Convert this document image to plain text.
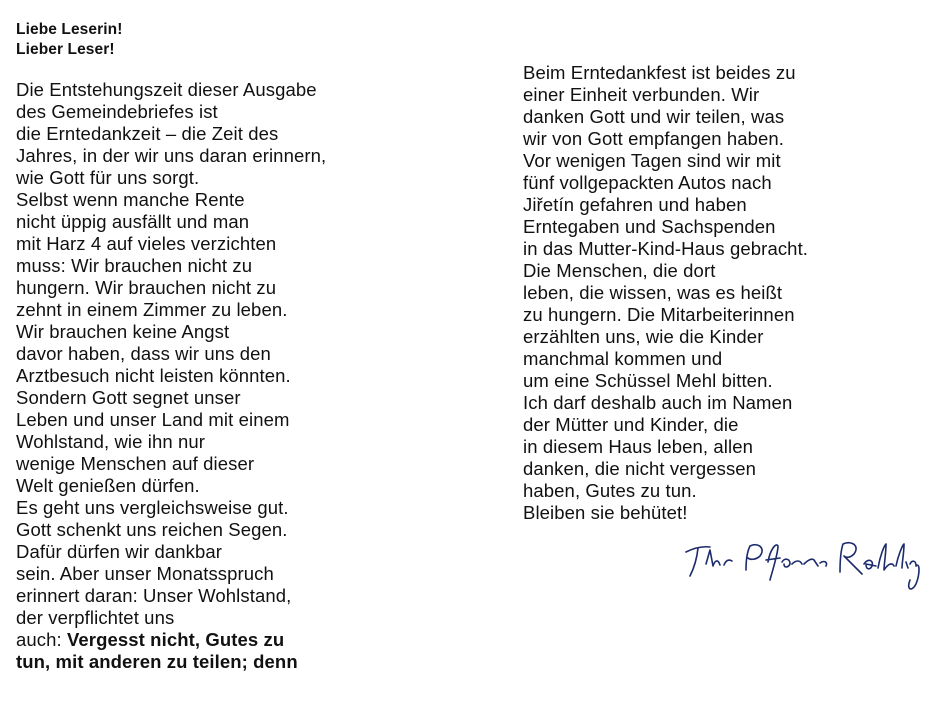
Liebe Leserin!
Lieber Leser!
Die Entstehungszeit dieser Ausgabe
des Gemeindebriefes ist
die Erntedankzeit – die Zeit des
Jahres, in der wir uns daran erinnern,
wie Gott für uns sorgt.
Selbst wenn manche Rente
nicht üppig ausfällt und man
mit Harz 4 auf vieles verzichten
muss: Wir brauchen nicht zu
hungern. Wir brauchen nicht zu
zehnt in einem Zimmer zu leben.
Wir brauchen keine Angst
davor haben, dass wir uns den
Arztbesuch nicht leisten könnten.
Sondern Gott segnet unser
Leben und unser Land mit einem
Wohlstand, wie ihn nur
wenige Menschen auf dieser
Welt genießen dürfen.
Es geht uns vergleichsweise gut.
Gott schenkt uns reichen Segen.
Dafür dürfen wir dankbar
sein. Aber unser Monatsspruch
erinnert daran: Unser Wohlstand,
der verpflichtet uns
auch: Vergesst nicht, Gutes zu
tun, mit anderen zu teilen; denn
Beim Erntedankfest ist beides zu
einer Einheit verbunden. Wir
danken Gott und wir teilen, was
wir von Gott empfangen haben.
Vor wenigen Tagen sind wir mit
fünf vollgepackten Autos nach
Jiřetín gefahren und haben
Erntegaben und Sachspenden
in das Mutter-Kind-Haus gebracht.
Die Menschen, die dort
leben, die wissen, was es heißt
zu hungern. Die Mitarbeiterinnen
erzählten uns, wie die Kinder
manchmal kommen und
um eine Schüssel Mehl bitten.
Ich darf deshalb auch im Namen
der Mütter und Kinder, die
in diesem Haus leben, allen
danken, die nicht vergessen
haben, Gutes zu tun.
Bleiben sie behütet!
